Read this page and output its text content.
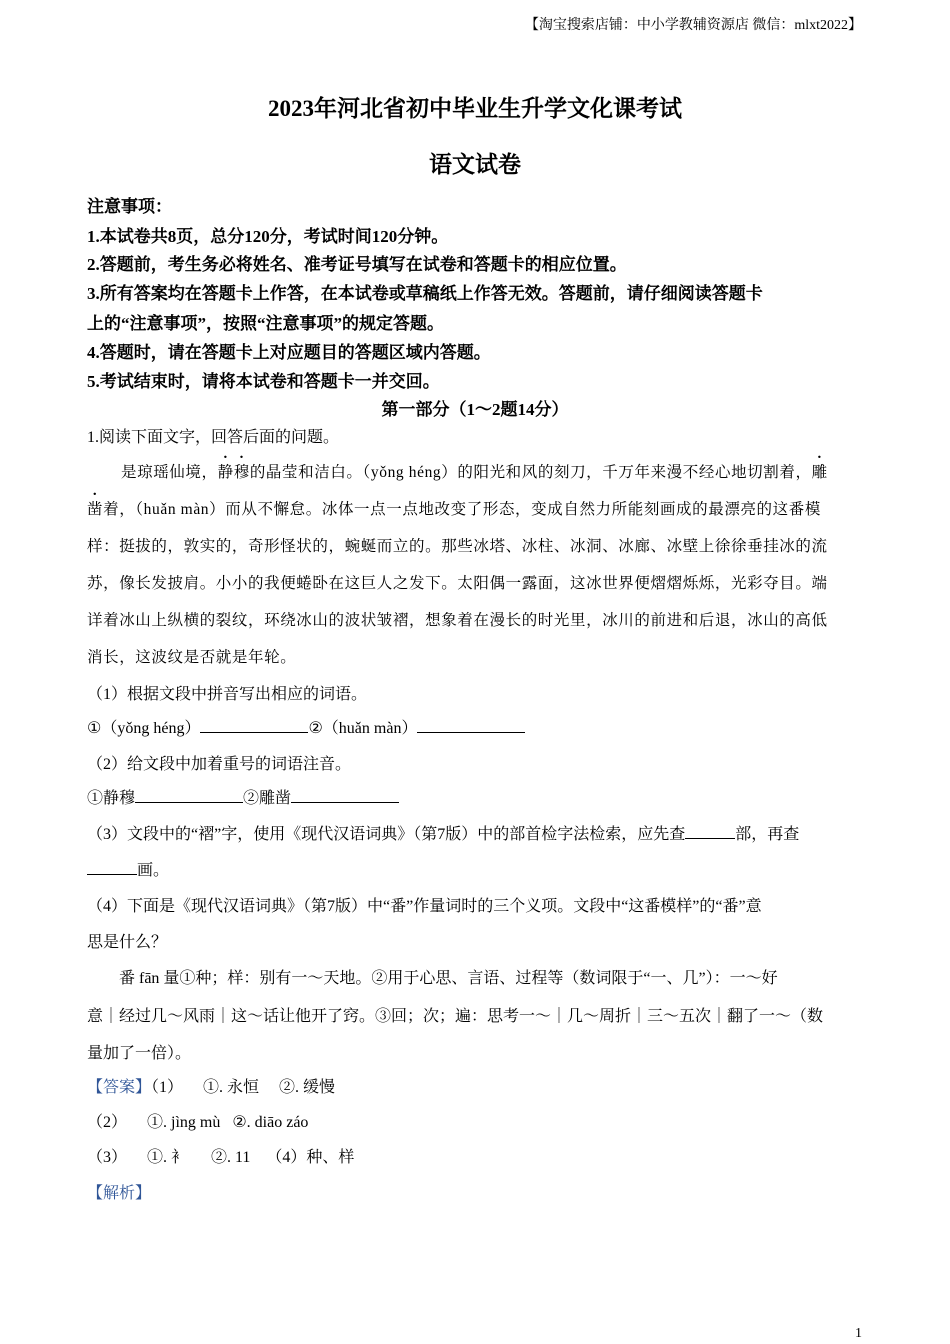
【淘宝搜索店铺：中小学教辅资源店 微信：mlxt2022】
2023年河北省初中毕业生升学文化课考试
语文试卷
注意事项：
1.本试卷共8页，总分120分，考试时间120分钟。
2.答题前，考生务必将姓名、准考证号填写在试卷和答题卡的相应位置。
3.所有答案均在答题卡上作答，在本试卷或草稿纸上作答无效。答题前，请仔细阅读答题卡
上的“注意事项”，按照“注意事项”的规定答题。
4.答题时，请在答题卡上对应题目的答题区域内答题。
5.考试结束时，请将本试卷和答题卡一并交回。
第一部分（1～2题14分）
1.阅读下面文字，回答后面的问题。
是琼瑶仙境，静穆的晶莹和洁白。（yǒng héng）的阳光和风的刻刀，千万年来漫不经心地切割着，雕
凿着，（huǎn màn）而从不懈怠。冰体一点一点地改变了形态，变成自然力所能刻画成的最漂亮的这番模
样：挺拔的，敦实的，奇形怪状的，蜿蜒而立的。那些冰塔、冰柱、冰洞、冰廊、冰壁上徐徐垂挂冰的流
苏，像长发披肩。小小的我便蜷卧在这巨人之发下。太阳偶一露面，这冰世界便熠熠烁烁，光彩夺目。端
详着冰山上纵横的裂纹，环绕冰山的波状皱褶，想象着在漫长的时光里，冰川的前进和后退，冰山的高低
消长，这波纹是否就是年轮。
（1）根据文段中拼音写出相应的词语。
①（yǒng héng）	②（huǎn màn）
（2）给文段中加着重号的词语注音。
①静穆	②雕凿
（3）文段中的“褶”字，使用《现代汉语词典》（第7版）中的部首检字法检索，应先查	部，再查
画。
（4）下面是《现代汉语词典》（第7版）中“番”作量词时的三个义项。文段中“这番模样”的“番”意
思是什么？
番 fān 量①种；样：别有一～天地。②用于心思、言语、过程等（数词限于“一、几”）：一～好
意｜经过几～风雨｜这～话让他开了窍。③回；次；遍：思考一～｜几～周折｜三～五次｜翻了一～（数
量加了一倍）。
【答案】（1）     ①. 永恒     ②. 缓慢
（2）     ①. jìng mù   ②. diāo záo
（3）     ①. 衤      ②. 11    （4）种、样
【解析】
1
